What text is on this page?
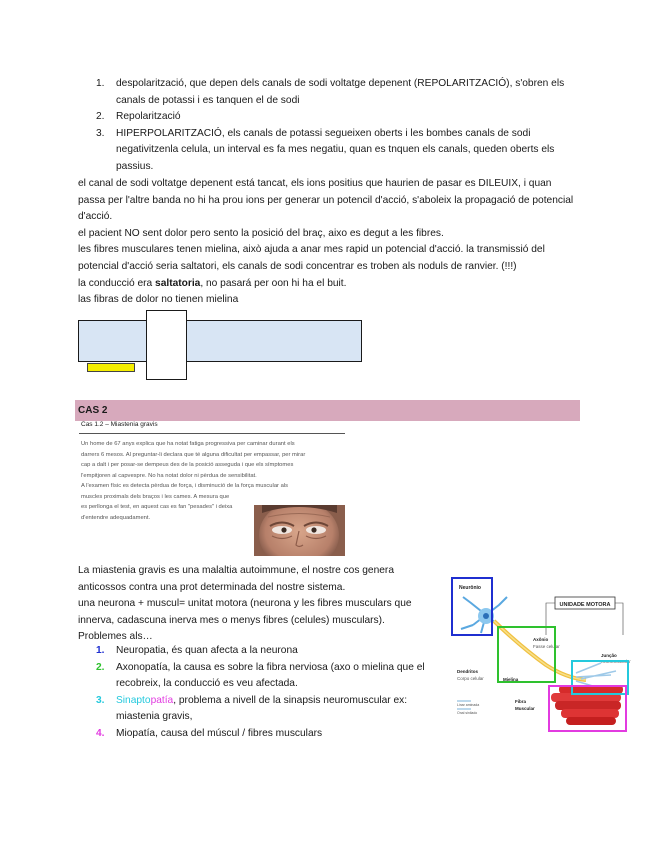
1. despolarització, que depen dels canals de sodi voltatge depenent (REPOLARITZACIÓ), s'obren els canals de potassi i es tanquen el de sodi
2. Repolarització
3. HIPERPOLARITZACIÓ, els canals de potassi segueixen oberts i les bombes canals de sodi negativitzenla celula, un interval es fa mes negatiu, quan es tnquen els canals, queden oberts els passius.

el canal de sodi voltatge depenent está tancat, els ions positius que haurien de pasar es DILEUIX, i quan passa per l'altre banda no hi ha prou ions per generar un potencil d'acció, s'aboleix la propagació de potencial d'acció.

el pacient NO sent dolor pero sento la posició del braç, aixo es degut a les fibres.

les fibres musculares tenen mielina, això ajuda a anar mes rapid un potencial d'acció. la transmissió del potencial d'acció seria saltatori, els canals de sodi concentrar es troben als noduls de ranvier. (!!!)

la conducció era saltatoria, no pasará per oon hi ha el buit.

las fibras de dolor no tienen mielina

CAS 2
Cas 1.2 – Miastenia gravis
Un home de 67 anys explica que ha notat fatiga progressiva per caminar durant els
darrers 6 mesos. Al preguntar-li declara que té alguna dificultat per empassar, per mirar
cap a dalt i per posar-se dempeus des de la posició asseguda i que els símptomes
l'empitjoren al capvespre. No ha notat dolor ni pèrdua de sensibilitat.
A l'examen físic es detecta pèrdua de força, i disminució de la força muscular als
muscles proximals dels braços i les cames. A mesura que
es perllonga el test, en aquest cas es fan "pesades" i deixa
d'entendre adequadament.

La miastenia gravis es una malaltia autoimmune, el nostre cos genera

anticossos contra una prot determinada del nostre sistema.

una neurona + muscul= unitat motora (neurona y les fibres musculars que

innerva, cadascuna inerva mes o menys fibres (celules) musculars).

Problemes als…

1. Neuropatia, és quan afecta a la neurona
2. Axonopatía, la causa es sobre la fibra nerviosa (axo o mielina que el recobreix, la conducció es veu afectada.
3. Sinaptopatía, problema a nivell de la sinapsis neuromuscular ex: miastenia gravis,
4. Miopatía, causa del múscul / fibres musculars
UNIDADE MOTORA
Neurônio
Dendritos
Corpo celular
Axônio
Fasse celular
Mielina
Junção
neuromuscular
Fibra
Muscular
Linar aminada
Onal sinilado
